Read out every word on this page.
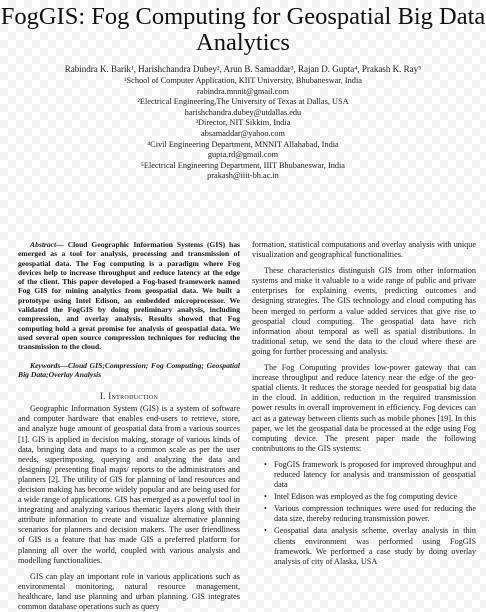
FogGIS: Fog Computing for Geospatial Big Data
Analytics
Rabindra K. Barik¹, Harishchandra Dubey², Arun B. Samaddar³, Rajan D. Gupta⁴, Prakash K. Ray⁵
¹School of Computer Application, KIIT University, Bhubaneswar, India
rabindra.mnnit@gmail.com
²Electrical Engineering,The University of Texas at Dallas, USA
harishchandra.dubey@utdallas.edu
³Director, NIT Sikkim, India
absamaddar@yahoo.com
⁴Civil Engineering Department, MNNIT Allahabad, India
gupta.rd@gmail.com
⁵Electrical Engineering Department, IIIT Bhubaneswar, India
prakash@iiit-bh.ac.in

Abstract— Cloud Geographic Information Systems (GIS) has emerged as a tool for analysis, processing and transmission of geospatial data. The Fog computing is a paradigm where Fog devices help to increase throughput and reduce latency at the edge of the client. This paper developed a Fog-based framework named Fog GIS for mining analytics from geospatial data. We built a prototype using Intel Edison, an embedded microprocessor. We validated the FogGIS by doing preliminary analysis, including compression, and overlay analysis. Results showed that Fog computing hold a great promise for analysis of geospatial data. We used several open source compression techniques for reducing the transmission to the cloud.

Keywords—Cloud GIS;Compression; Fog Computing; Geospatial Big Data;Overlay Analysis

I. Introduction

Geographic Information System (GIS) is a system of software and computer hardware that enables end-users to retrieve, store, and analyze huge amount of geospatial data from a various sources [1]. GIS is applied in decision making, storage of various kinds of data, bringing data and maps to a common scale as per the user needs, superimposing, querying and analyzing the data and designing/ presenting final maps/ reports to the administrators and planners [2]. The utility of GIS for planning of land resources and decision making has become widely popular and are being used for a wide range of applications. GIS has emerged as a powerful tool in integrating and analyzing various thematic layers along with their attribute information to create and visualize alternative planning scenarios for planners and decision makers. The user friendliness of GIS is a feature that has made GIS a preferred platform for planning all over the world, coupled with various analysis and modelling functionalities.

GIS can play an important role in various applications such as environmental monitoring, natural resource management, healthcare, land use planning and urban planning. GIS integrates common database operations such as query

formation, statistical computations and overlay analysis with unique visualization and geographical functionalities.

These characteristics distinguish GIS from other information systems and make it valuable to a wide range of public and private enterprises for explaining events, predicting outcomes and designing strategies. The GIS technology and cloud computing has been merged to perform a value added services that give rise to geospatial cloud computing. The geospatial data have rich information about temporal as well as spatial distributions. In traditional setup, we send the data to the cloud where these are going for further processing and analysis.

The Fog Computing provides low-power gateway that can increase throughput and reduce latency near the edge of the geo-spatial clients. It reduces the storage needed for geospatial big data in the cloud. In addition, reduction in the required transmission power results in overall improvement in efficiency. Fog devices can act as a gateway between clients such as mobile phones [19]. In this paper, we let the geospatial data be processed at the edge using Fog computing device. The present paper made the following contributions to the GIS systems:

• FogGIS framework is proposed for improved throughput and reduced latency for analysis and transmission of geospatial data
• Intel Edison was employed as the fog computing device
• Various compression techniques were used for reducing the data size, thereby reducing transmission power.
• Geospatial data analysis scheme, overlay analysis in thin clients environment was performed using FogGIS framework. We performed a case study by doing overlay analysis of city of Alaska, USA
